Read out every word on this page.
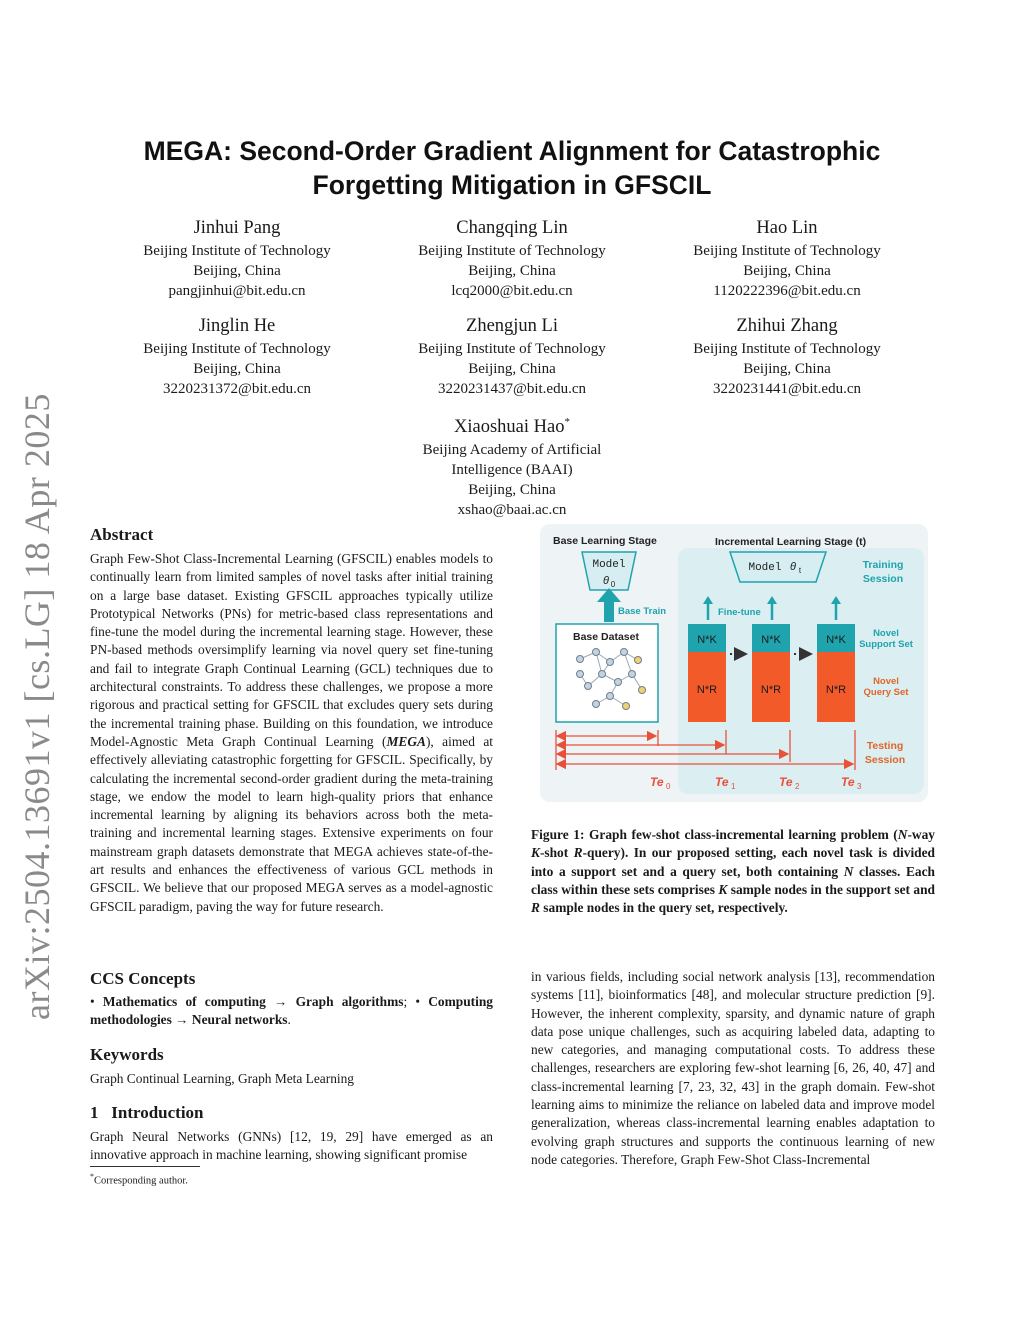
arXiv:2504.13691v1 [cs.LG] 18 Apr 2025
MEGA: Second-Order Gradient Alignment for Catastrophic Forgetting Mitigation in GFSCIL
Jinhui Pang
Beijing Institute of Technology
Beijing, China
pangjinhui@bit.edu.cn
Changqing Lin
Beijing Institute of Technology
Beijing, China
lcq2000@bit.edu.cn
Hao Lin
Beijing Institute of Technology
Beijing, China
1120222396@bit.edu.cn
Jinglin He
Beijing Institute of Technology
Beijing, China
3220231372@bit.edu.cn
Zhengjun Li
Beijing Institute of Technology
Beijing, China
3220231437@bit.edu.cn
Zhihui Zhang
Beijing Institute of Technology
Beijing, China
3220231441@bit.edu.cn
Xiaoshuai Hao*
Beijing Academy of Artificial
Intelligence (BAAI)
Beijing, China
xshao@baai.ac.cn
Abstract

Graph Few-Shot Class-Incremental Learning (GFSCIL) enables models to continually learn from limited samples of novel tasks after initial training on a large base dataset. Existing GFSCIL approaches typically utilize Prototypical Networks (PNs) for metric-based class representations and fine-tune the model during the incremental learning stage. However, these PN-based methods oversimplify learning via novel query set fine-tuning and fail to integrate Graph Continual Learning (GCL) techniques due to architectural constraints. To address these challenges, we propose a more rigorous and practical setting for GFSCIL that excludes query sets during the incremental training phase. Building on this foundation, we introduce Model-Agnostic Meta Graph Continual Learning (MEGA), aimed at effectively alleviating catastrophic forgetting for GFSCIL. Specifically, by calculating the incremental second-order gradient during the meta-training stage, we endow the model to learn high-quality priors that enhance incremental learning by aligning its behaviors across both the meta-training and incremental learning stages. Extensive experiments on four mainstream graph datasets demonstrate that MEGA achieves state-of-the-art results and enhances the effectiveness of various GCL methods in GFSCIL. We believe that our proposed MEGA serves as a model-agnostic GFSCIL paradigm, paving the way for future research.

CCS Concepts

• Mathematics of computing → Graph algorithms; • Computing methodologies → Neural networks.

Keywords

Graph Continual Learning, Graph Meta Learning

1 Introduction

Graph Neural Networks (GNNs) [12, 19, 29] have emerged as an innovative approach in machine learning, showing significant promise

*Corresponding author.
Base Learning Stage	Incremental Learning Stage (t)
Model
θ 0
Model θ t	Training
Session
Base Train	Fine-tune
Base Dataset	N*K
N*R
N*K
N*R
N*K
N*R
Novel
Support Set
Novel
Query Set
Testing
Session
Te 0	Te 1	Te 2	Te 3

Figure 1: Graph few-shot class-incremental learning problem (N-way K-shot R-query). In our proposed setting, each novel task is divided into a support set and a query set, both containing N classes. Each class within these sets comprises K sample nodes in the support set and R sample nodes in the query set, respectively.

in various fields, including social network analysis [13], recommendation systems [11], bioinformatics [48], and molecular structure prediction [9]. However, the inherent complexity, sparsity, and dynamic nature of graph data pose unique challenges, such as acquiring labeled data, adapting to new categories, and managing computational costs. To address these challenges, researchers are exploring few-shot learning [6, 26, 40, 47] and class-incremental learning [7, 23, 32, 43] in the graph domain. Few-shot learning aims to minimize the reliance on labeled data and improve model generalization, whereas class-incremental learning enables adaptation to evolving graph structures and supports the continuous learning of new node categories. Therefore, Graph Few-Shot Class-Incremental
